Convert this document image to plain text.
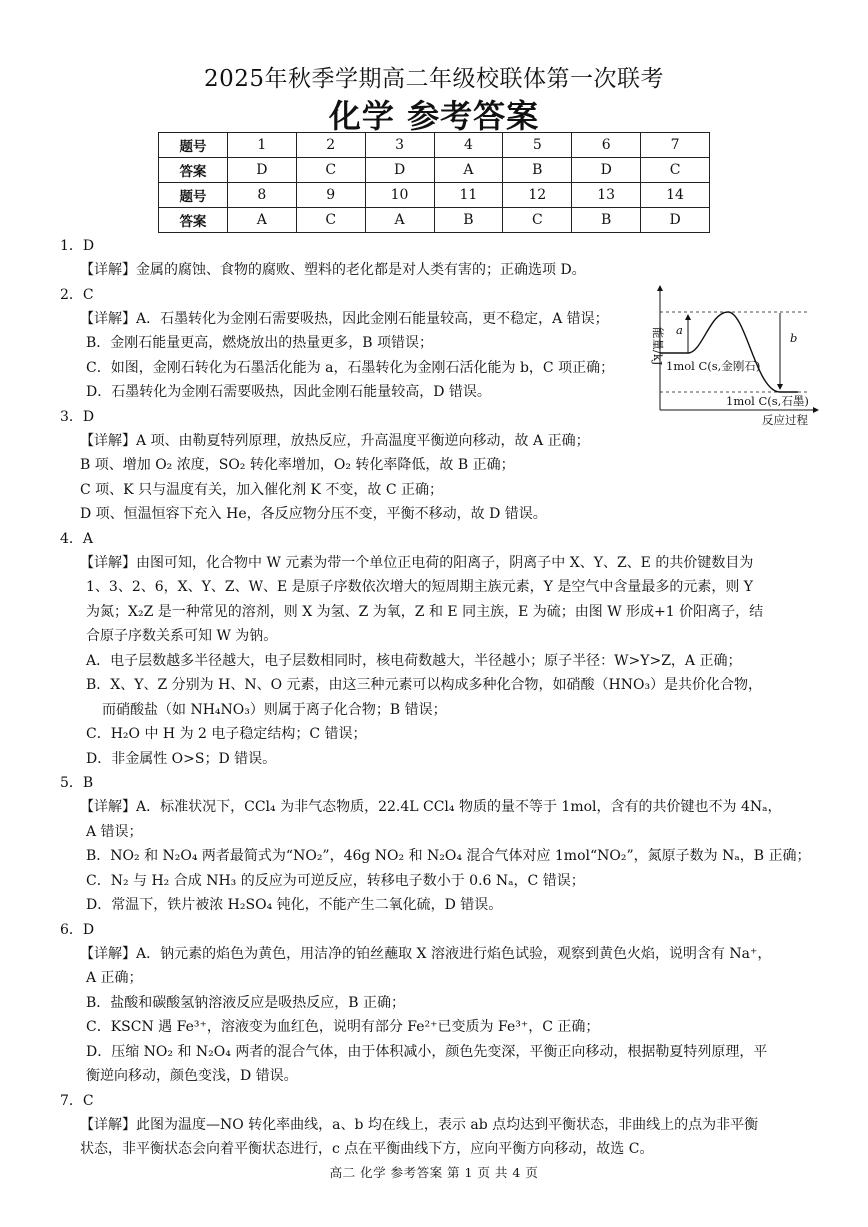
2025年秋季学期高二年级校联体第一次联考
化学 参考答案
题号	1	2	3	4	5	6	7
答案	D	C	D	A	B	D	C
题号	8	9	10	11	12	13	14
答案	A	C	A	B	C	B	D
1．D
【详解】金属的腐蚀、食物的腐败、塑料的老化都是对人类有害的；正确选项 D。
2．C
【详解】A．石墨转化为金刚石需要吸热，因此金刚石能量较高，更不稳定，A 错误；
B．金刚石能量更高，燃烧放出的热量更多，B 项错误；
C．如图，金刚石转化为石墨活化能为 a，石墨转化为金刚石活化能为 b，C 项正确；
D．石墨转化为金刚石需要吸热，因此金刚石能量较高，D 错误。
3．D
【详解】A 项、由勒夏特列原理，放热反应，升高温度平衡逆向移动，故 A 正确；
B 项、增加 O₂ 浓度，SO₂ 转化率增加，O₂ 转化率降低，故 B 正确；
C 项、K 只与温度有关，加入催化剂 K 不变，故 C 正确；
D 项、恒温恒容下充入 He，各反应物分压不变，平衡不移动，故 D 错误。
4．A
【详解】由图可知，化合物中 W 元素为带一个单位正电荷的阳离子，阴离子中 X、Y、Z、E 的共价键数目为
1、3、2、6，X、Y、Z、W、E 是原子序数依次增大的短周期主族元素，Y 是空气中含量最多的元素，则 Y
为氮；X₂Z 是一种常见的溶剂，则 X 为氢、Z 为氧，Z 和 E 同主族，E 为硫；由图 W 形成+1 价阳离子，结
合原子序数关系可知 W 为钠。
A．电子层数越多半径越大，电子层数相同时，核电荷数越大，半径越小；原子半径：W>Y>Z，A 正确；
B．X、Y、Z 分别为 H、N、O 元素，由这三种元素可以构成多种化合物，如硝酸（HNO₃）是共价化合物，
而硝酸盐（如 NH₄NO₃）则属于离子化合物；B 错误；
C．H₂O 中 H 为 2 电子稳定结构；C 错误；
D．非金属性 O>S；D 错误。
5．B
【详解】A．标准状况下，CCl₄ 为非气态物质，22.4L CCl₄ 物质的量不等于 1mol，含有的共价键也不为 4Nₐ，
A 错误；
B．NO₂ 和 N₂O₄ 两者最简式为“NO₂”，46g NO₂ 和 N₂O₄ 混合气体对应 1mol“NO₂”，氮原子数为 Nₐ，B 正确；
C．N₂ 与 H₂ 合成 NH₃ 的反应为可逆反应，转移电子数小于 0.6 Nₐ，C 错误；
D．常温下，铁片被浓 H₂SO₄ 钝化，不能产生二氧化硫，D 错误。
6．D
【详解】A．钠元素的焰色为黄色，用洁净的铂丝蘸取 X 溶液进行焰色试验，观察到黄色火焰，说明含有 Na⁺，
A 正确；
B．盐酸和碳酸氢钠溶液反应是吸热反应，B 正确；
C．KSCN 遇 Fe³⁺，溶液变为血红色，说明有部分 Fe²⁺已变质为 Fe³⁺，C 正确；
D．压缩 NO₂ 和 N₂O₄ 两者的混合气体，由于体积减小，颜色先变深，平衡正向移动，根据勒夏特列原理，平
衡逆向移动，颜色变浅，D 错误。
7．C
【详解】此图为温度—NO 转化率曲线，a、b 均在线上，表示 ab 点均达到平衡状态，非曲线上的点为非平衡
状态，非平衡状态会向着平衡状态进行，c 点在平衡曲线下方，应向平衡方向移动，故选 C。
a
b
1mol C(s,金刚石)
1mol C(s,石墨)
能量/kJ
反应过程
高二 化学 参考答案 第 1 页 共 4 页
